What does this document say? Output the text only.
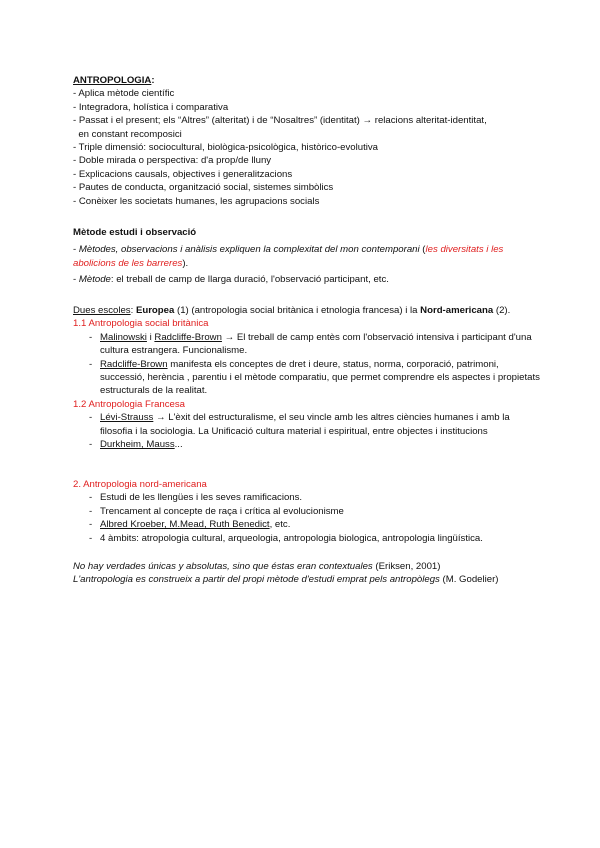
ANTROPOLOGIA:
- Aplica mètode científic
- Integradora, holística i comparativa
- Passat i el present; els “Altres” (alteritat) i de “Nosaltres” (identitat) → relacions alteritat-identitat,
en constant recomposici
- Triple dimensió: sociocultural, biològica-psicològica, històrico-evolutiva
- Doble mirada o perspectiva: d'a prop/de lluny
- Explicacions causals, objectives i generalitzacions
- Pautes de conducta, organització social, sistemes simbòlics
- Conèixer les societats humanes, les agrupacions socials
Mètode estudi i observació

- Mètodes, observacions i anàlisis expliquen la complexitat del mon contemporani (les diversitats i les abolicions de les barreres).

- Mètode: el treball de camp de llarga duració, l'observació participant, etc.

Dues escoles: Europea (1) (antropologia social britànica i etnologia francesa) i la Nord-americana (2).
1.1 Antropologia social britànica
- Malinowski i Radcliffe-Brown → El treball de camp entès com l'observació intensiva i participant d'una cultura estrangera. Funcionalisme.
- Radcliffe-Brown manifesta els conceptes de dret i deure, status, norma, corporació, patrimoni, successió, herència , parentiu i el mètode comparatiu, que permet comprendre els aspectes i propietats estructurals de la realitat.
1.2 Antropologia Francesa
- Lévi-Strauss → L'èxit del estructuralisme, el seu vincle amb les altres ciències humanes i amb la filosofia i la sociologia. La Unificació cultura material i espiritual, entre objectes i institucions
- Durkheim, Mauss...
2. Antropologia nord-americana
- Estudi de les llengües i les seves ramificacions.
- Trencament al concepte de raça i crítica al evolucionisme
- Albred Kroeber, M.Mead, Ruth Benedict, etc.
- 4 àmbits: atropologia cultural, arqueologia, antropologia biologica, antropologia lingüística.
No hay verdades únicas y absolutas, sino que éstas eran contextuales (Eriksen, 2001)
L'antropologia es construeix a partir del propi mètode d'estudi emprat pels antropòlegs (M. Godelier)
